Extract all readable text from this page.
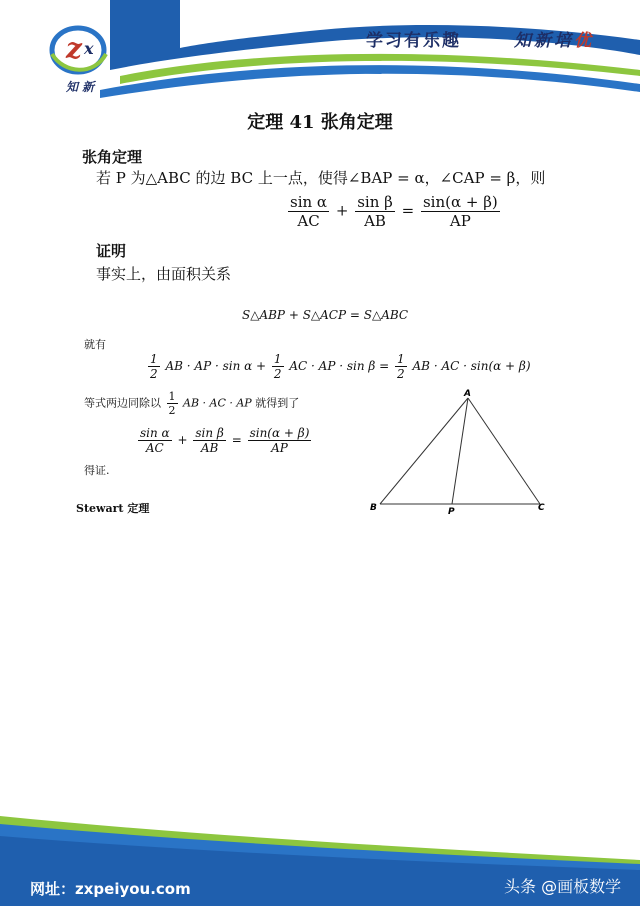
z x
知 新
学习有乐趣	知新培优
定理 41 张角定理
张角定理
若 P 为△ABC 的边 BC 上一点，使得∠BAP = α，∠CAP = β，则
$\frac{\text{sin α}}{AC} + \frac{\text{sin β}}{AB} = \frac{\sin(\alpha + \beta)}{AP}$
证明
事实上，由面积关系
S△ABP + S△ACP = S△ABC
就有
$\frac{1}{2}$ AB · AP · $\sin \alpha + \frac{1}{2}$ AC · AP · $\sin \beta = \frac{1}{2}$ AB · AC · sin(α + β)
等式两边同除以 $\frac{1}{2}$ AB · AC · AP 就得到了
$\frac{\text{sin α}}{AC} + \frac{\text{sin β}}{AB} = \frac{\sin(\alpha + \beta)}{AP}$
得证.
Stewart 定理
A
B	C
P
网址：zxpeiyou.com	头条 @画板数学
